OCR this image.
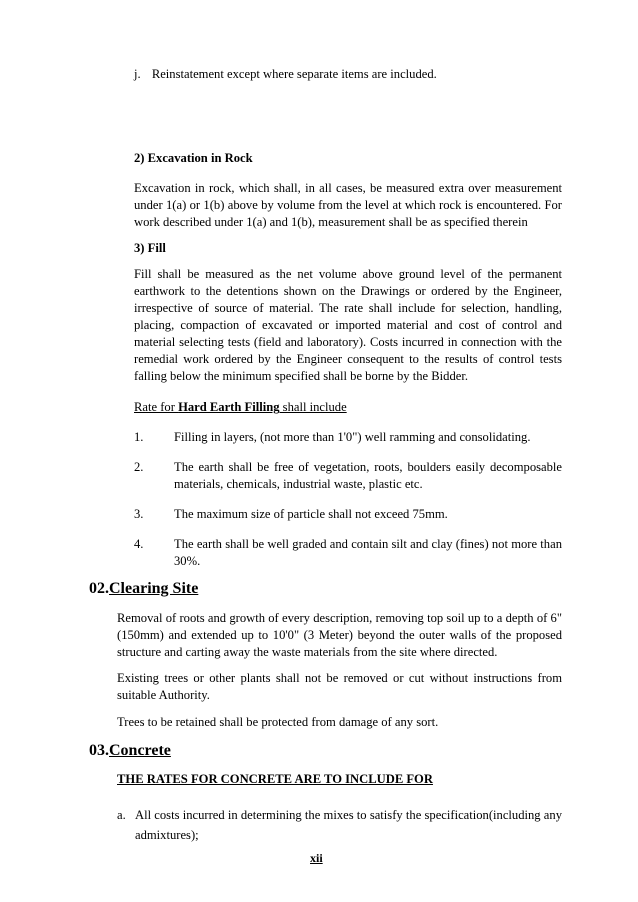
j. Reinstatement except where separate items are included.
2) Excavation in Rock

Excavation in rock, which shall, in all cases, be measured extra over measurement under 1(a) or 1(b) above by volume from the level at which rock is encountered. For work described under 1(a) and 1(b), measurement shall be as specified therein

3) Fill

Fill shall be measured as the net volume above ground level of the permanent earthwork to the detentions shown on the Drawings or ordered by the Engineer, irrespective of source of material. The rate shall include for selection, handling, placing, compaction of excavated or imported material and cost of control and material selecting tests (field and laboratory). Costs incurred in connection with the remedial work ordered by the Engineer consequent to the results of control tests falling below the minimum specified shall be borne by the Bidder.

Rate for Hard Earth Filling shall include
1. Filling in layers, (not more than 1'0") well ramming and consolidating.

2. The earth shall be free of vegetation, roots, boulders easily decomposable materials, chemicals, industrial waste, plastic etc.

3. The maximum size of particle shall not exceed 75mm.

4. The earth shall be well graded and contain silt and clay (fines) not more than 30%.

02.Clearing Site

Removal of roots and growth of every description, removing top soil up to a depth of 6" (150mm) and extended up to 10'0" (3 Meter) beyond the outer walls of the proposed structure and carting away the waste materials from the site where directed.

Existing trees or other plants shall not be removed or cut without instructions from suitable Authority.

Trees to be retained shall be protected from damage of any sort.

03.Concrete
THE RATES FOR CONCRETE ARE TO INCLUDE FOR
a. All costs incurred in determining the mixes to satisfy the specification(including any admixtures);

xii
